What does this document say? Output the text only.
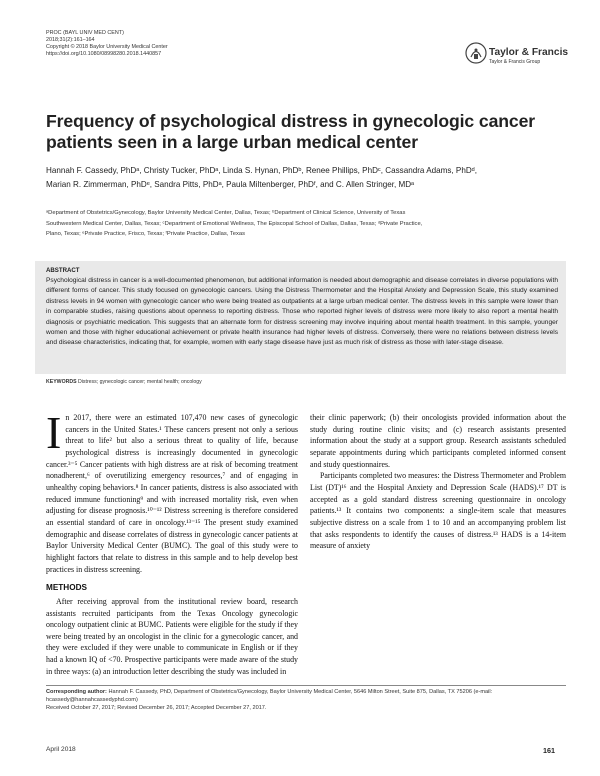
PROC (BAYL UNIV MED CENT)
2018;31(2):161–164
Copyright © 2018 Baylor University Medical Center
https://doi.org/10.1080/08998280.2018.1440857	Taylor & Francis
Taylor & Francis Group
Frequency of psychological distress in gynecologic cancer patients seen in a large urban medical center
Hannah F. Cassedy, PhDᵃ, Christy Tucker, PhDᵃ, Linda S. Hynan, PhDᵇ, Renee Phillips, PhDᶜ, Cassandra Adams, PhDᵈ,
Marian R. Zimmerman, PhDᵉ, Sandra Pitts, PhDᵃ, Paula Miltenberger, PhDᶠ, and C. Allen Stringer, MDᵃ
ᵃDepartment of Obstetrics/Gynecology, Baylor University Medical Center, Dallas, Texas; ᵇDepartment of Clinical Science, University of Texas
Southwestern Medical Center, Dallas, Texas; ᶜDepartment of Emotional Wellness, The Episcopal School of Dallas, Dallas, Texas; ᵈPrivate Practice,
Plano, Texas; ᵉPrivate Practice, Frisco, Texas; ᶠPrivate Practice, Dallas, Texas
ABSTRACT
Psychological distress in cancer is a well-documented phenomenon, but additional information is needed about demographic and disease correlates in diverse populations with different forms of cancer. This study focused on gynecologic cancers. Using the Distress Thermometer and the Hospital Anxiety and Depression Scale, this study examined distress levels in 94 women with gynecologic cancer who were being treated as outpatients at a large urban medical center. The distress levels in this sample were lower than in comparable studies, raising questions about openness to reporting distress. Those who reported higher levels of distress were more likely to also report a mental health diagnosis or psychiatric medication. This suggests that an alternate form for distress screening may involve inquiring about mental health treatment. In this sample, younger women and those with higher educational achievement or private health insurance had higher levels of distress. Conversely, there were no relations between distress levels and disease characteristics, indicating that, for example, women with early stage disease have just as much risk of distress as those with later-stage disease.
KEYWORDS Distress; gynecologic cancer; mental health; oncology

In 2017, there were an estimated 107,470 new cases of gynecologic cancers in the United States.¹ These cancers present not only a serious threat to life² but also a serious threat to quality of life, because psychological distress is increasingly documented in gynecologic cancer.³⁻⁵ Cancer patients with high distress are at risk of becoming treatment nonadherent,⁶ of overutilizing emergency resources,⁷ and of engaging in unhealthy coping behaviors.⁸ In cancer patients, distress is also associated with reduced immune functioning⁹ and with increased mortality risk, even when adjusting for disease prognosis.¹⁰⁻¹² Distress screening is therefore considered an essential standard of care in oncology.¹³⁻¹⁵ The present study examined demographic and disease correlates of distress in gynecologic cancer patients at Baylor University Medical Center (BUMC). The goal of this study were to highlight factors that relate to distress in this sample and to help develop best practices in distress screening.

METHODS

After receiving approval from the institutional review board, research assistants recruited participants from the Texas Oncology gynecologic oncology outpatient clinic at BUMC. Patients were eligible for the study if they were being treated by an oncologist in the clinic for a gynecologic cancer, and they were excluded if they were unable to communicate in English or if they had a known IQ of <70. Prospective participants were made aware of the study in three ways: (a) an introduction letter describing the study was included in

their clinic paperwork; (b) their oncologists provided information about the study during routine clinic visits; and (c) research assistants presented information about the study at a support group. Research assistants scheduled separate appointments during which participants completed informed consent and study questionnaires.

Participants completed two measures: the Distress Thermometer and Problem List (DT)¹⁶ and the Hospital Anxiety and Depression Scale (HADS).¹⁷ DT is accepted as a gold standard distress screening questionnaire in oncology patients.¹³ It contains two components: a single-item scale that measures subjective distress on a scale from 1 to 10 and an accompanying problem list that asks respondents to identify the causes of distress.¹³ HADS is a 14-item measure of anxiety

Corresponding author: Hannah F. Cassedy, PhD, Department of Obstetrics/Gynecology, Baylor University Medical Center, 5646 Milton Street, Suite 875, Dallas, TX 75206 (e-mail: hcassedy@hannahcassedyphd.com)
Received October 27, 2017; Revised December 26, 2017; Accepted December 27, 2017.
April 2018	161
